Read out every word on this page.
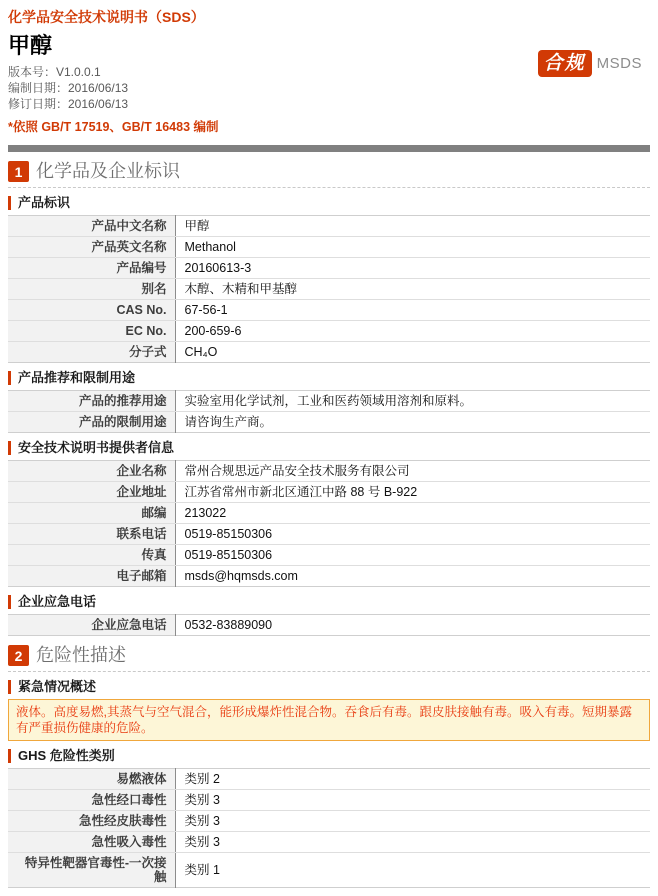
化学品安全技术说明书（SDS）
合规 MSDS
甲醇
版本号：V1.0.0.1
编制日期：2016/06/13
修订日期：2016/06/13
*依照 GB/T 17519、GB/T 16483 编制
1 化学品及企业标识
产品标识
产品中文名称	甲醇
产品英文名称	Methanol
产品编号	20160613-3
别名	木醇、木精和甲基醇
CAS No.	67-56-1
EC No.	200-659-6
分子式	CH₄O
产品推荐和限制用途
产品的推荐用途	实验室用化学试剂，工业和医药领域用溶剂和原料。
产品的限制用途	请咨询生产商。
安全技术说明书提供者信息
企业名称	常州合规思远产品安全技术服务有限公司
企业地址	江苏省常州市新北区通江中路 88 号 B-922
邮编	213022
联系电话	0519-85150306
传真	0519-85150306
电子邮箱	msds@hqmsds.com
企业应急电话
企业应急电话	0532-83889090
2 危险性描述
紧急情况概述
液体。高度易燃,其蒸气与空气混合，能形成爆炸性混合物。吞食后有毒。跟皮肤接触有毒。吸入有毒。短期暴露有严重损伤健康的危险。
GHS 危险性类别
易燃液体	类别 2
急性经口毒性	类别 3
急性经皮肤毒性	类别 3
急性吸入毒性	类别 3
特异性靶器官毒性-一次接触	类别 1
